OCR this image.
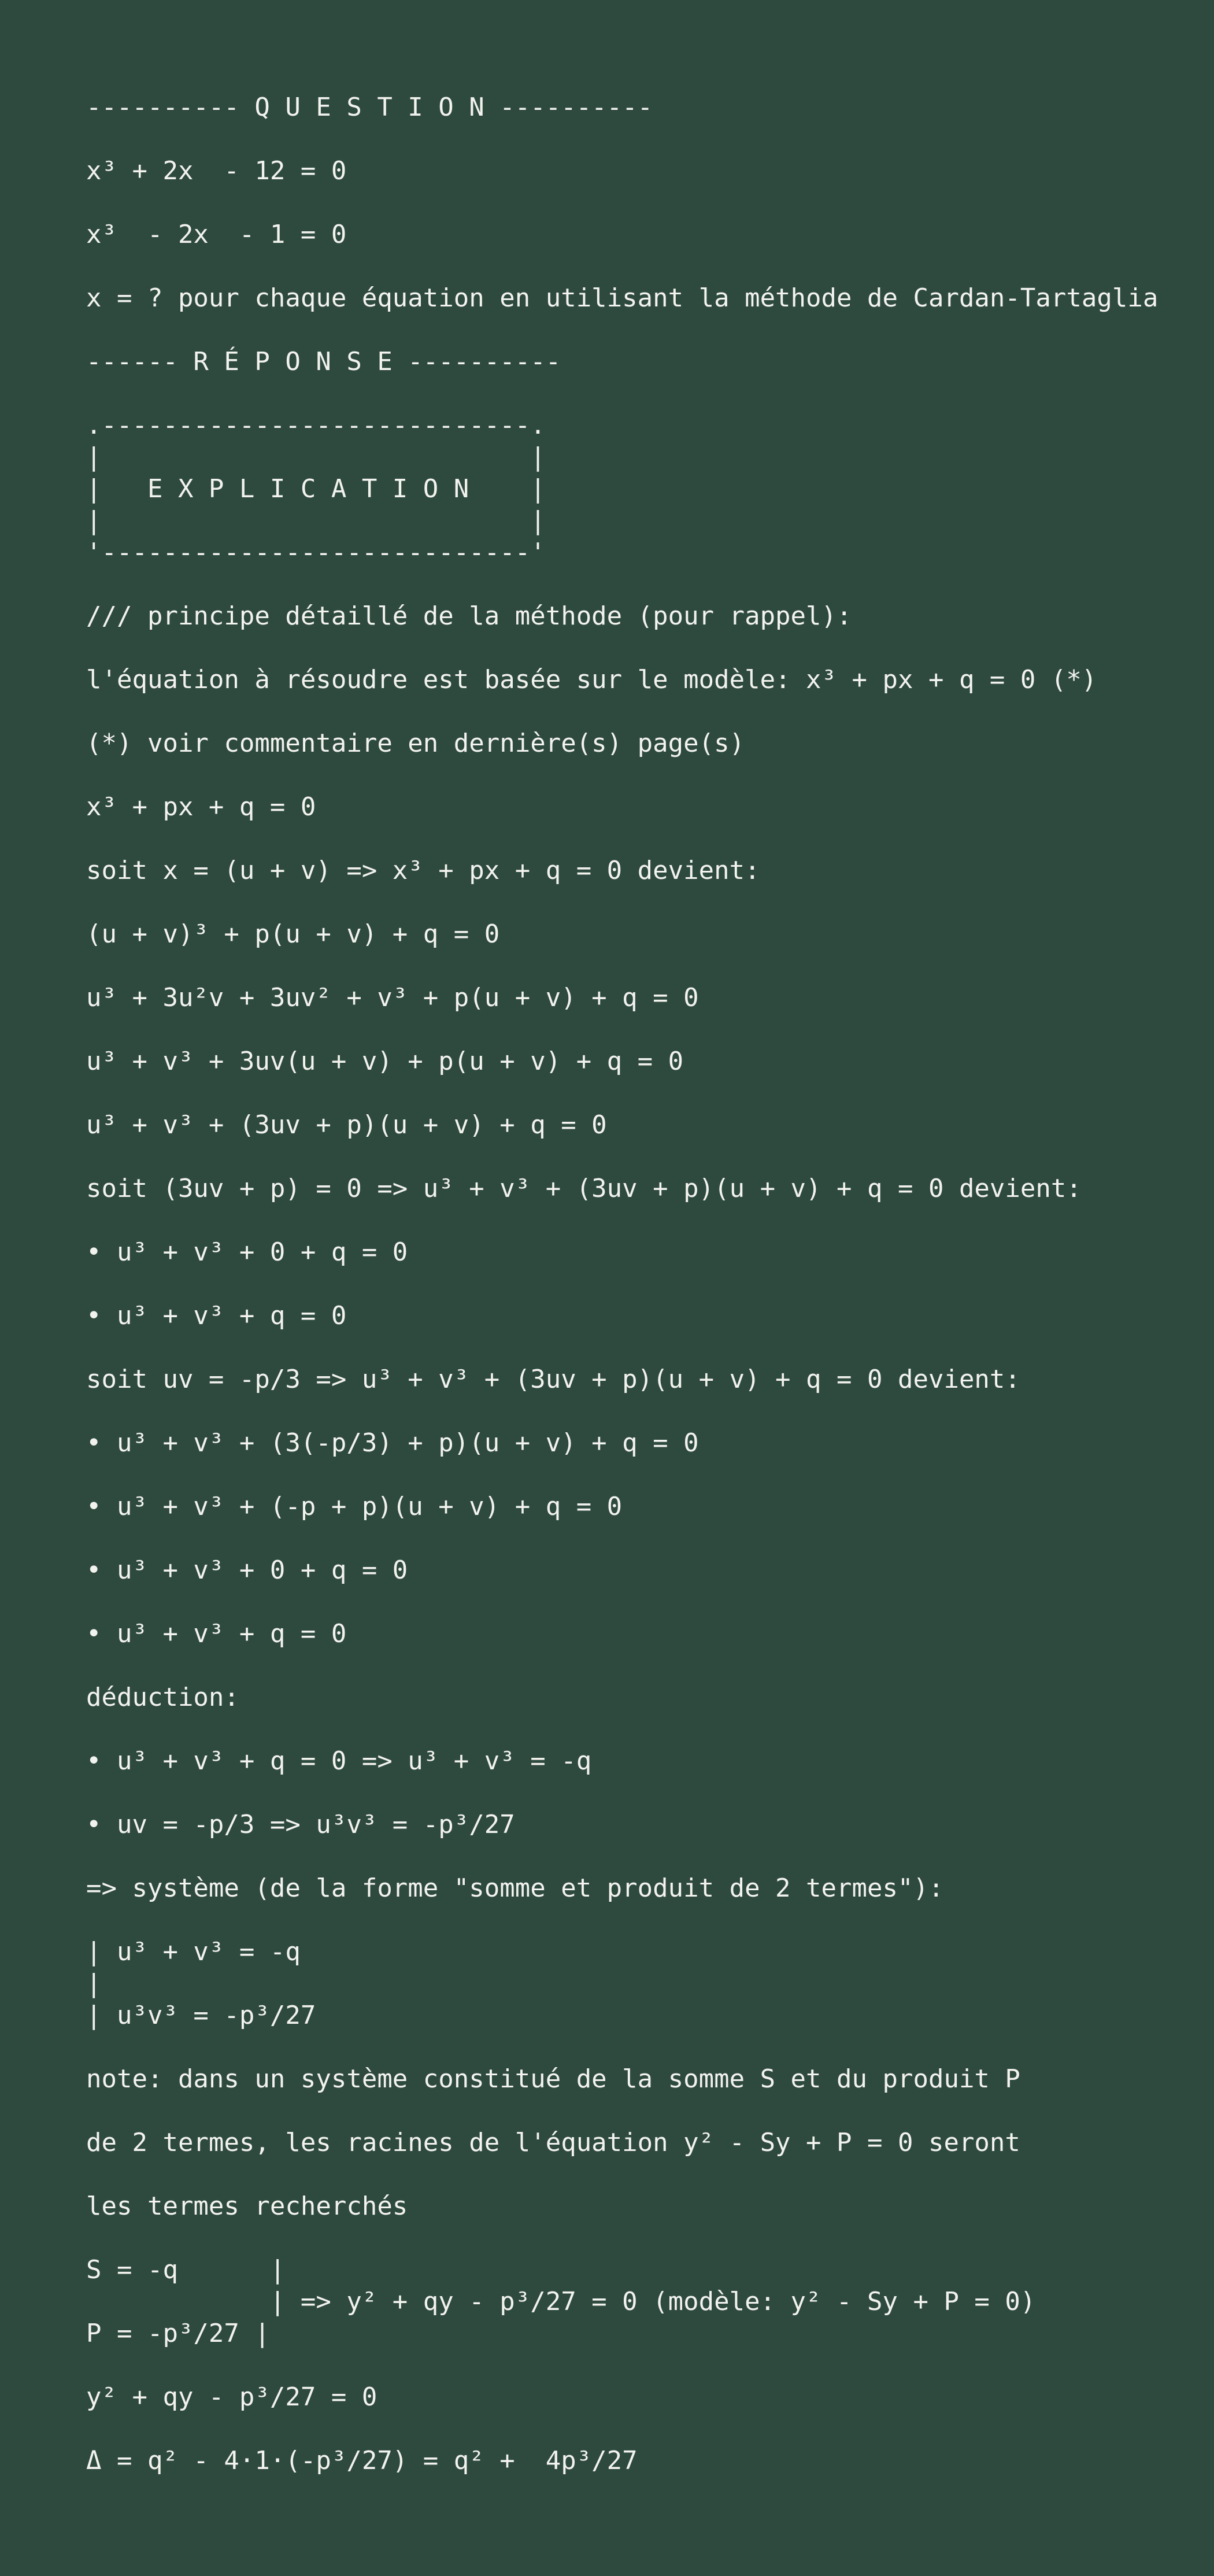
---------- Q U E S T I O N ----------

x³ + 2x  - 12 = 0

x³  - 2x  - 1 = 0

x = ? pour chaque équation en utilisant la méthode de Cardan-Tartaglia

------ R É P O N S E ----------

.----------------------------.
|                            |
|   E X P L I C A T I O N    |
|                            |
'----------------------------'

/// principe détaillé de la méthode (pour rappel):

l'équation à résoudre est basée sur le modèle: x³ + px + q = 0 (*)

(*) voir commentaire en dernière(s) page(s)

x³ + px + q = 0

soit x = (u + v) => x³ + px + q = 0 devient:

(u + v)³ + p(u + v) + q = 0

u³ + 3u²v + 3uv² + v³ + p(u + v) + q = 0

u³ + v³ + 3uv(u + v) + p(u + v) + q = 0

u³ + v³ + (3uv + p)(u + v) + q = 0

soit (3uv + p) = 0 => u³ + v³ + (3uv + p)(u + v) + q = 0 devient:

• u³ + v³ + 0 + q = 0

• u³ + v³ + q = 0

soit uv = -p/3 => u³ + v³ + (3uv + p)(u + v) + q = 0 devient:

• u³ + v³ + (3(-p/3) + p)(u + v) + q = 0

• u³ + v³ + (-p + p)(u + v) + q = 0

• u³ + v³ + 0 + q = 0

• u³ + v³ + q = 0

déduction:

• u³ + v³ + q = 0 => u³ + v³ = -q

• uv = -p/3 => u³v³ = -p³/27

=> système (de la forme "somme et produit de 2 termes"):

| u³ + v³ = -q
|
| u³v³ = -p³/27

note: dans un système constitué de la somme S et du produit P

de 2 termes, les racines de l'équation y² - Sy + P = 0 seront

les termes recherchés

S = -q      |
| => y² + qy - p³/27 = 0 (modèle: y² - Sy + P = 0)
P = -p³/27 |

y² + qy - p³/27 = 0

Δ = q² - 4·1·(-p³/27) = q² +  4p³/27
